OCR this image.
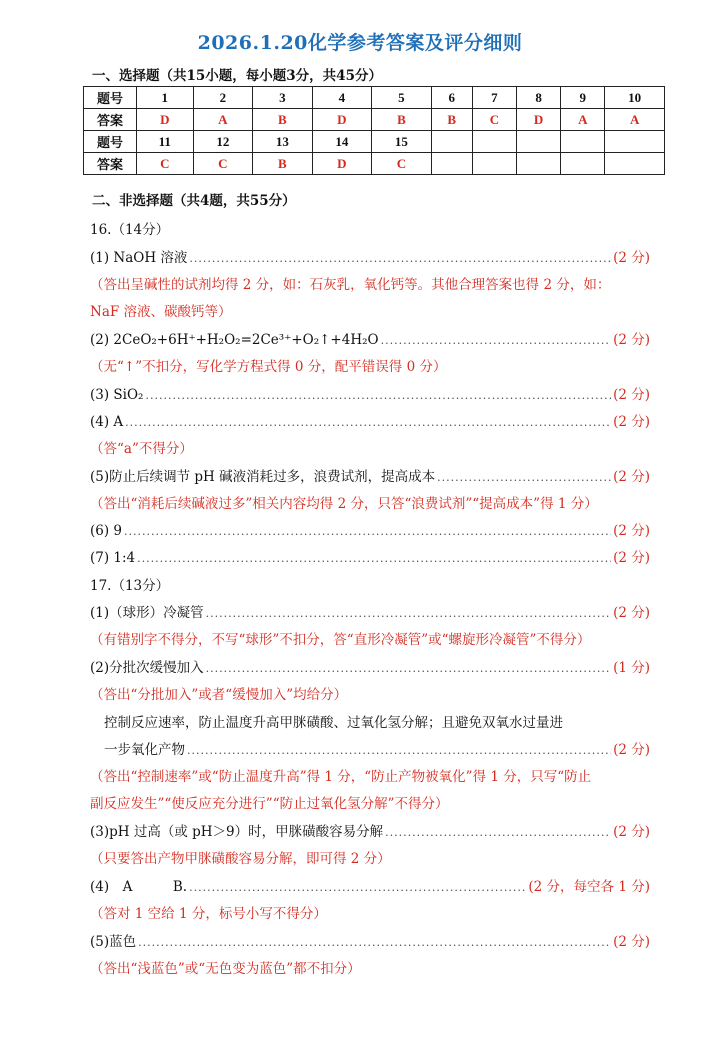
2026.1.20化学参考答案及评分细则
一、选择题（共15小题，每小题3分，共45分）
题号	1	2	3	4	5	6	7	8	9	10
答案	D	A	B	D	B	B	C	D	A	A
题号	11	12	13	14	15					
答案	C	C	B	D	C					
二、非选择题（共4题，共55分）
16.（14分）
(1) NaOH 溶液 .....	(2 分)
（答出呈碱性的试剂均得 2 分，如：石灰乳，氧化钙等。其他合理答案也得 2 分，如：
NaF 溶液、碳酸钙等）
(2) 2CeO₂+6H⁺+H₂O₂=2Ce³⁺+O₂↑+4H₂O .....	(2 分)
（无“↑”不扣分，写化学方程式得 0 分，配平错误得 0 分）
(3) SiO₂ .....	(2 分)
(4) A .....	(2 分)
（答“a”不得分）
(5)防止后续调节 pH 碱液消耗过多，浪费试剂，提高成本 .....	(2 分)
（答出“消耗后续碱液过多”相关内容均得 2 分，只答“浪费试剂”“提高成本”得 1 分）
(6) 9 .....	(2 分)
(7) 1:4 .....	(2 分)
17.（13分）
(1)（球形）冷凝管 .....	(2 分)
（有错别字不得分，不写“球形”不扣分，答“直形冷凝管”或“螺旋形冷凝管”不得分）
(2)分批次缓慢加入 .....	(1 分)
（答出“分批加入”或者“缓慢加入”均给分）
控制反应速率，防止温度升高甲脒磺酸、过氧化氢分解；且避免双氧水过量进
一步氧化产物 .....	(2 分)
（答出“控制速率”或“防止温度升高”得 1 分，“防止产物被氧化”得 1 分，只写“防止
副反应发生”“使反应充分进行”“防止过氧化氢分解”不得分）
(3)pH 过高（或 pH＞9）时，甲脒磺酸容易分解 .....	(2 分)
（只要答出产物甲脒磺酸容易分解，即可得 2 分）
(4)　A　　　B. .....	(2 分，每空各 1 分)
（答对 1 空给 1 分，标号小写不得分）
(5)蓝色 .....	(2 分)
（答出“浅蓝色”或“无色变为蓝色”都不扣分）
